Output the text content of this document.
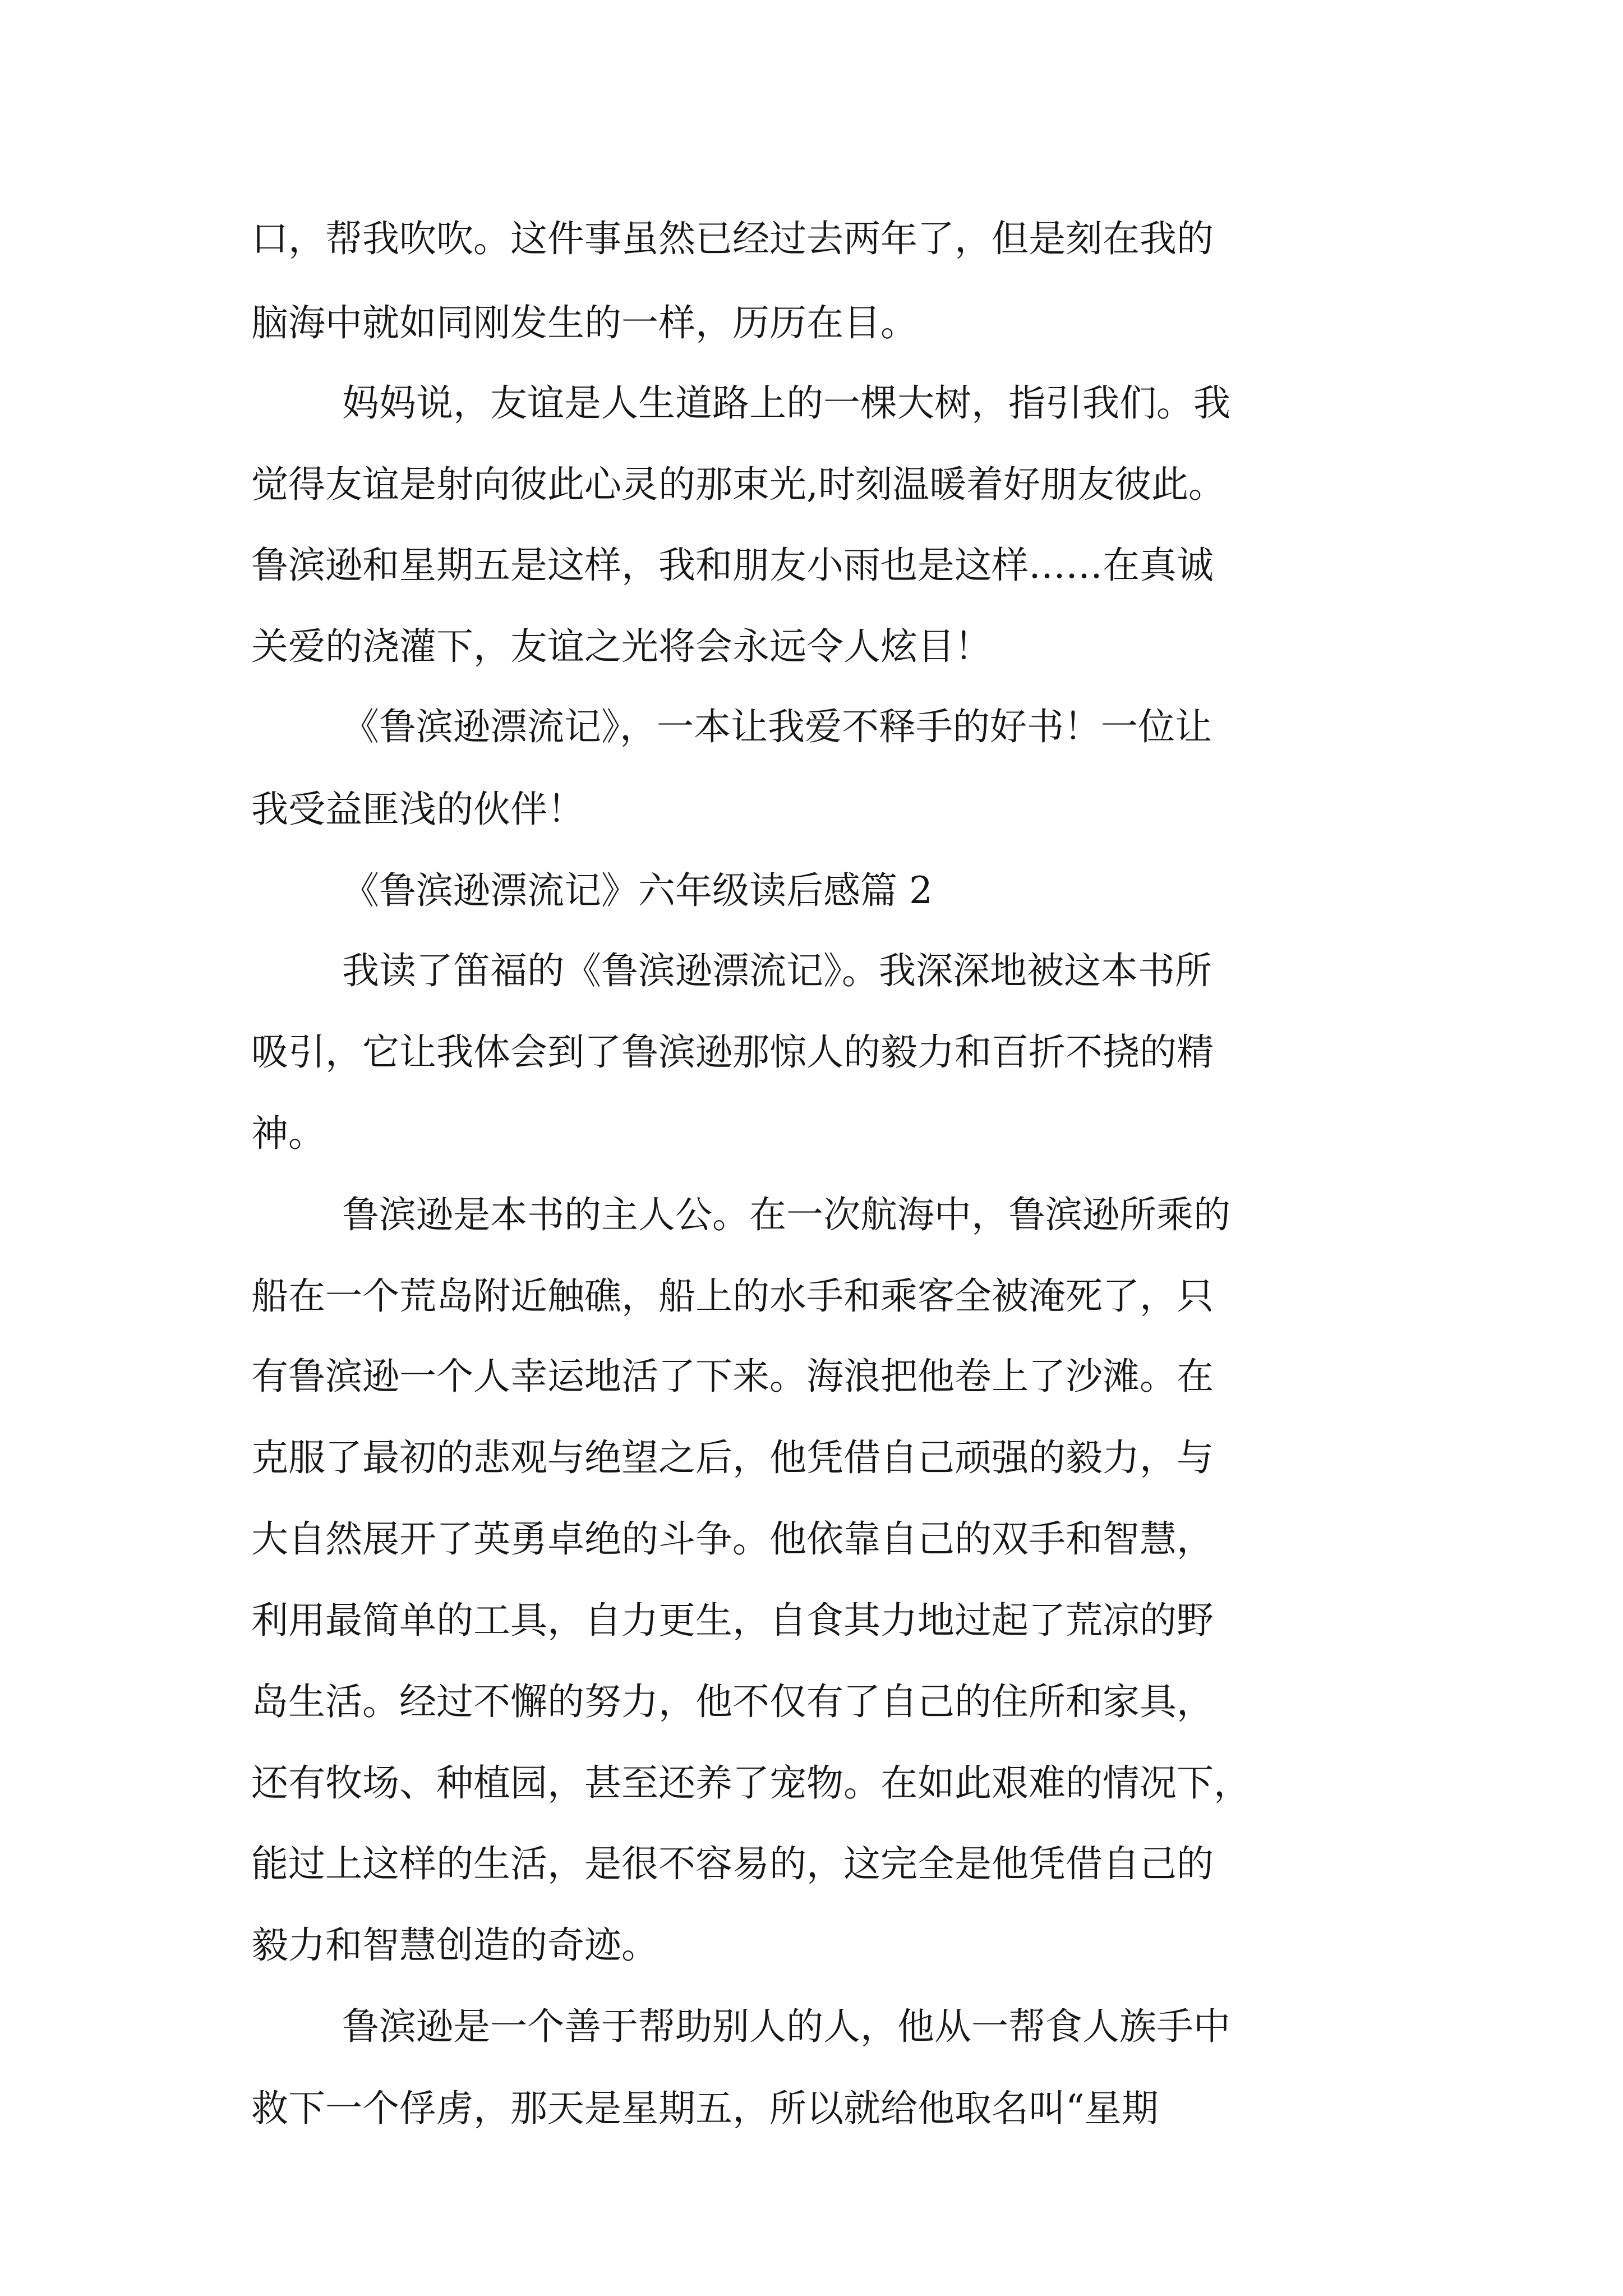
口，帮我吹吹。这件事虽然已经过去两年了，但是刻在我的
脑海中就如同刚发生的一样，历历在目。
妈妈说，友谊是人生道路上的一棵大树，指引我们。我
觉得友谊是射向彼此心灵的那束光,时刻温暖着好朋友彼此。
鲁滨逊和星期五是这样，我和朋友小雨也是这样……在真诚
关爱的浇灌下，友谊之光将会永远令人炫目！
《鲁滨逊漂流记》，一本让我爱不释手的好书！一位让
我受益匪浅的伙伴！
《鲁滨逊漂流记》六年级读后感篇 2
我读了笛福的《鲁滨逊漂流记》。我深深地被这本书所
吸引，它让我体会到了鲁滨逊那惊人的毅力和百折不挠的精
神。
鲁滨逊是本书的主人公。在一次航海中，鲁滨逊所乘的
船在一个荒岛附近触礁，船上的水手和乘客全被淹死了，只
有鲁滨逊一个人幸运地活了下来。海浪把他卷上了沙滩。在
克服了最初的悲观与绝望之后，他凭借自己顽强的毅力，与
大自然展开了英勇卓绝的斗争。他依靠自己的双手和智慧，
利用最简单的工具，自力更生，自食其力地过起了荒凉的野
岛生活。经过不懈的努力，他不仅有了自己的住所和家具，
还有牧场、种植园，甚至还养了宠物。在如此艰难的情况下，
能过上这样的生活，是很不容易的，这完全是他凭借自己的
毅力和智慧创造的奇迹。
鲁滨逊是一个善于帮助别人的人，他从一帮食人族手中
救下一个俘虏，那天是星期五，所以就给他取名叫“星期
